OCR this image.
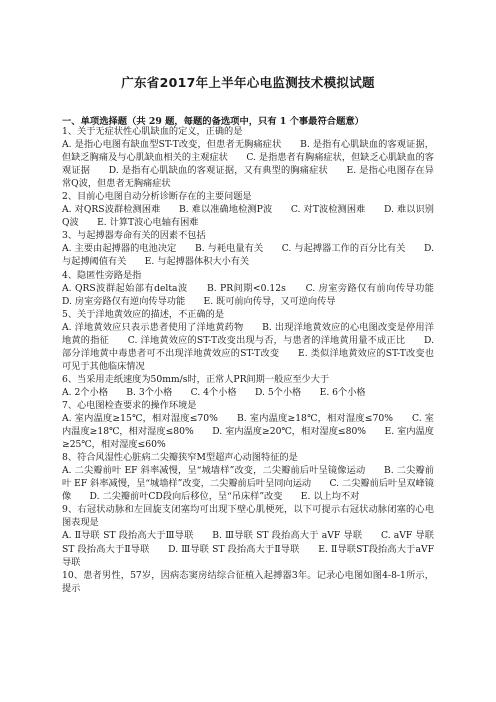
广东省2017年上半年心电监测技术模拟试题
一、单项选择题（共 29 题，每题的备选项中，只有 1 个事最符合题意）

1、关于无症状性心肌缺血的定义，正确的是

A. 是指心电图有缺血型ST-T改变，但患者无胸痛症状　　B. 是指有心肌缺血的客观证据，但缺乏胸痛及与心肌缺血相关的主观症状　　C. 是指患者有胸痛症状，但缺乏心肌缺血的客观证据　　D. 是指有心肌缺血的客观证据，又有典型的胸痛症状　　E. 是指心电图存在异常Q波，但患者无胸痛症状

2、目前心电图自动分析诊断存在的主要问题是

A. 对QRS波群检测困难　　B. 难以准确地检测P波　　C. 对T波检测困难　　D. 难以识别Q波　　E. 计算T波心电轴有困难

3、与起搏器寿命有关的因素不包括

A. 主要由起搏器的电池决定　　B. 与耗电量有关　　C. 与起搏器工作的百分比有关　　D. 与起搏阈值有关　　E. 与起搏器体积大小有关

4、隐匿性旁路是指

A. QRS波群起始部有delta波　　B. PR间期<0.12s　　C. 房室旁路仅有前向传导功能　　D. 房室旁路仅有逆向传导功能　　E. 既可前向传导，又可逆向传导

5、关于洋地黄效应的描述，不正确的是

A. 洋地黄效应只表示患者使用了洋地黄药物　　B. 出现洋地黄效应的心电图改变是停用洋地黄的指征　　C. 洋地黄效应的ST-T改变出现与否，与患者的洋地黄用量不成正比　　D. 部分洋地黄中毒患者可不出现洋地黄效应的ST-T改变　　E. 类似洋地黄效应的ST-T改变也可见于其他临床情况

6、当采用走纸速度为50mm/s时，正常人PR间期一般应至少大于

A. 2个小格　　B. 3个小格　　C. 4个小格　　D. 5个小格　　E. 6个小格

7、心电图检查要求的操作环境是

A. 室内温度≥15℃，相对湿度≤70%　　B. 室内温度≥18℃，相对湿度≤70%　　C. 室内温度≥18℃，相对湿度≤80%　　D. 室内温度≥20℃，相对湿度≤80%　　E. 室内温度≥25℃，相对湿度≤60%

8、符合风湿性心脏病二尖瓣狭窄M型超声心动图特征的是

A. 二尖瓣前叶 EF 斜率减慢，呈“城墙样”改变，二尖瓣前后叶呈镜像运动　　B. 二尖瓣前叶 EF 斜率减慢，呈“城墙样”改变，二尖瓣前后叶呈同向运动　　C. 二尖瓣前后叶呈双峰镜像　　D. 二尖瓣前叶CD段向后移位，呈“吊床样”改变　　E. 以上均不对

9、右冠状动脉和左回旋支闭塞均可出现下壁心肌梗死，以下可提示右冠状动脉闭塞的心电图表现是

A. Ⅱ导联 ST 段抬高大于Ⅲ导联　　B. Ⅲ导联 ST 段抬高大于 aVF 导联　　C. aVF 导联 ST 段抬高大于Ⅱ导联　　D. Ⅲ导联 ST 段抬高大于Ⅱ导联　　E. Ⅱ导联ST段抬高大于aVF导联

10、患者男性，57岁，因病态窦房结综合征植入起搏器3年。记录心电图如图4-8-1所示，提示
